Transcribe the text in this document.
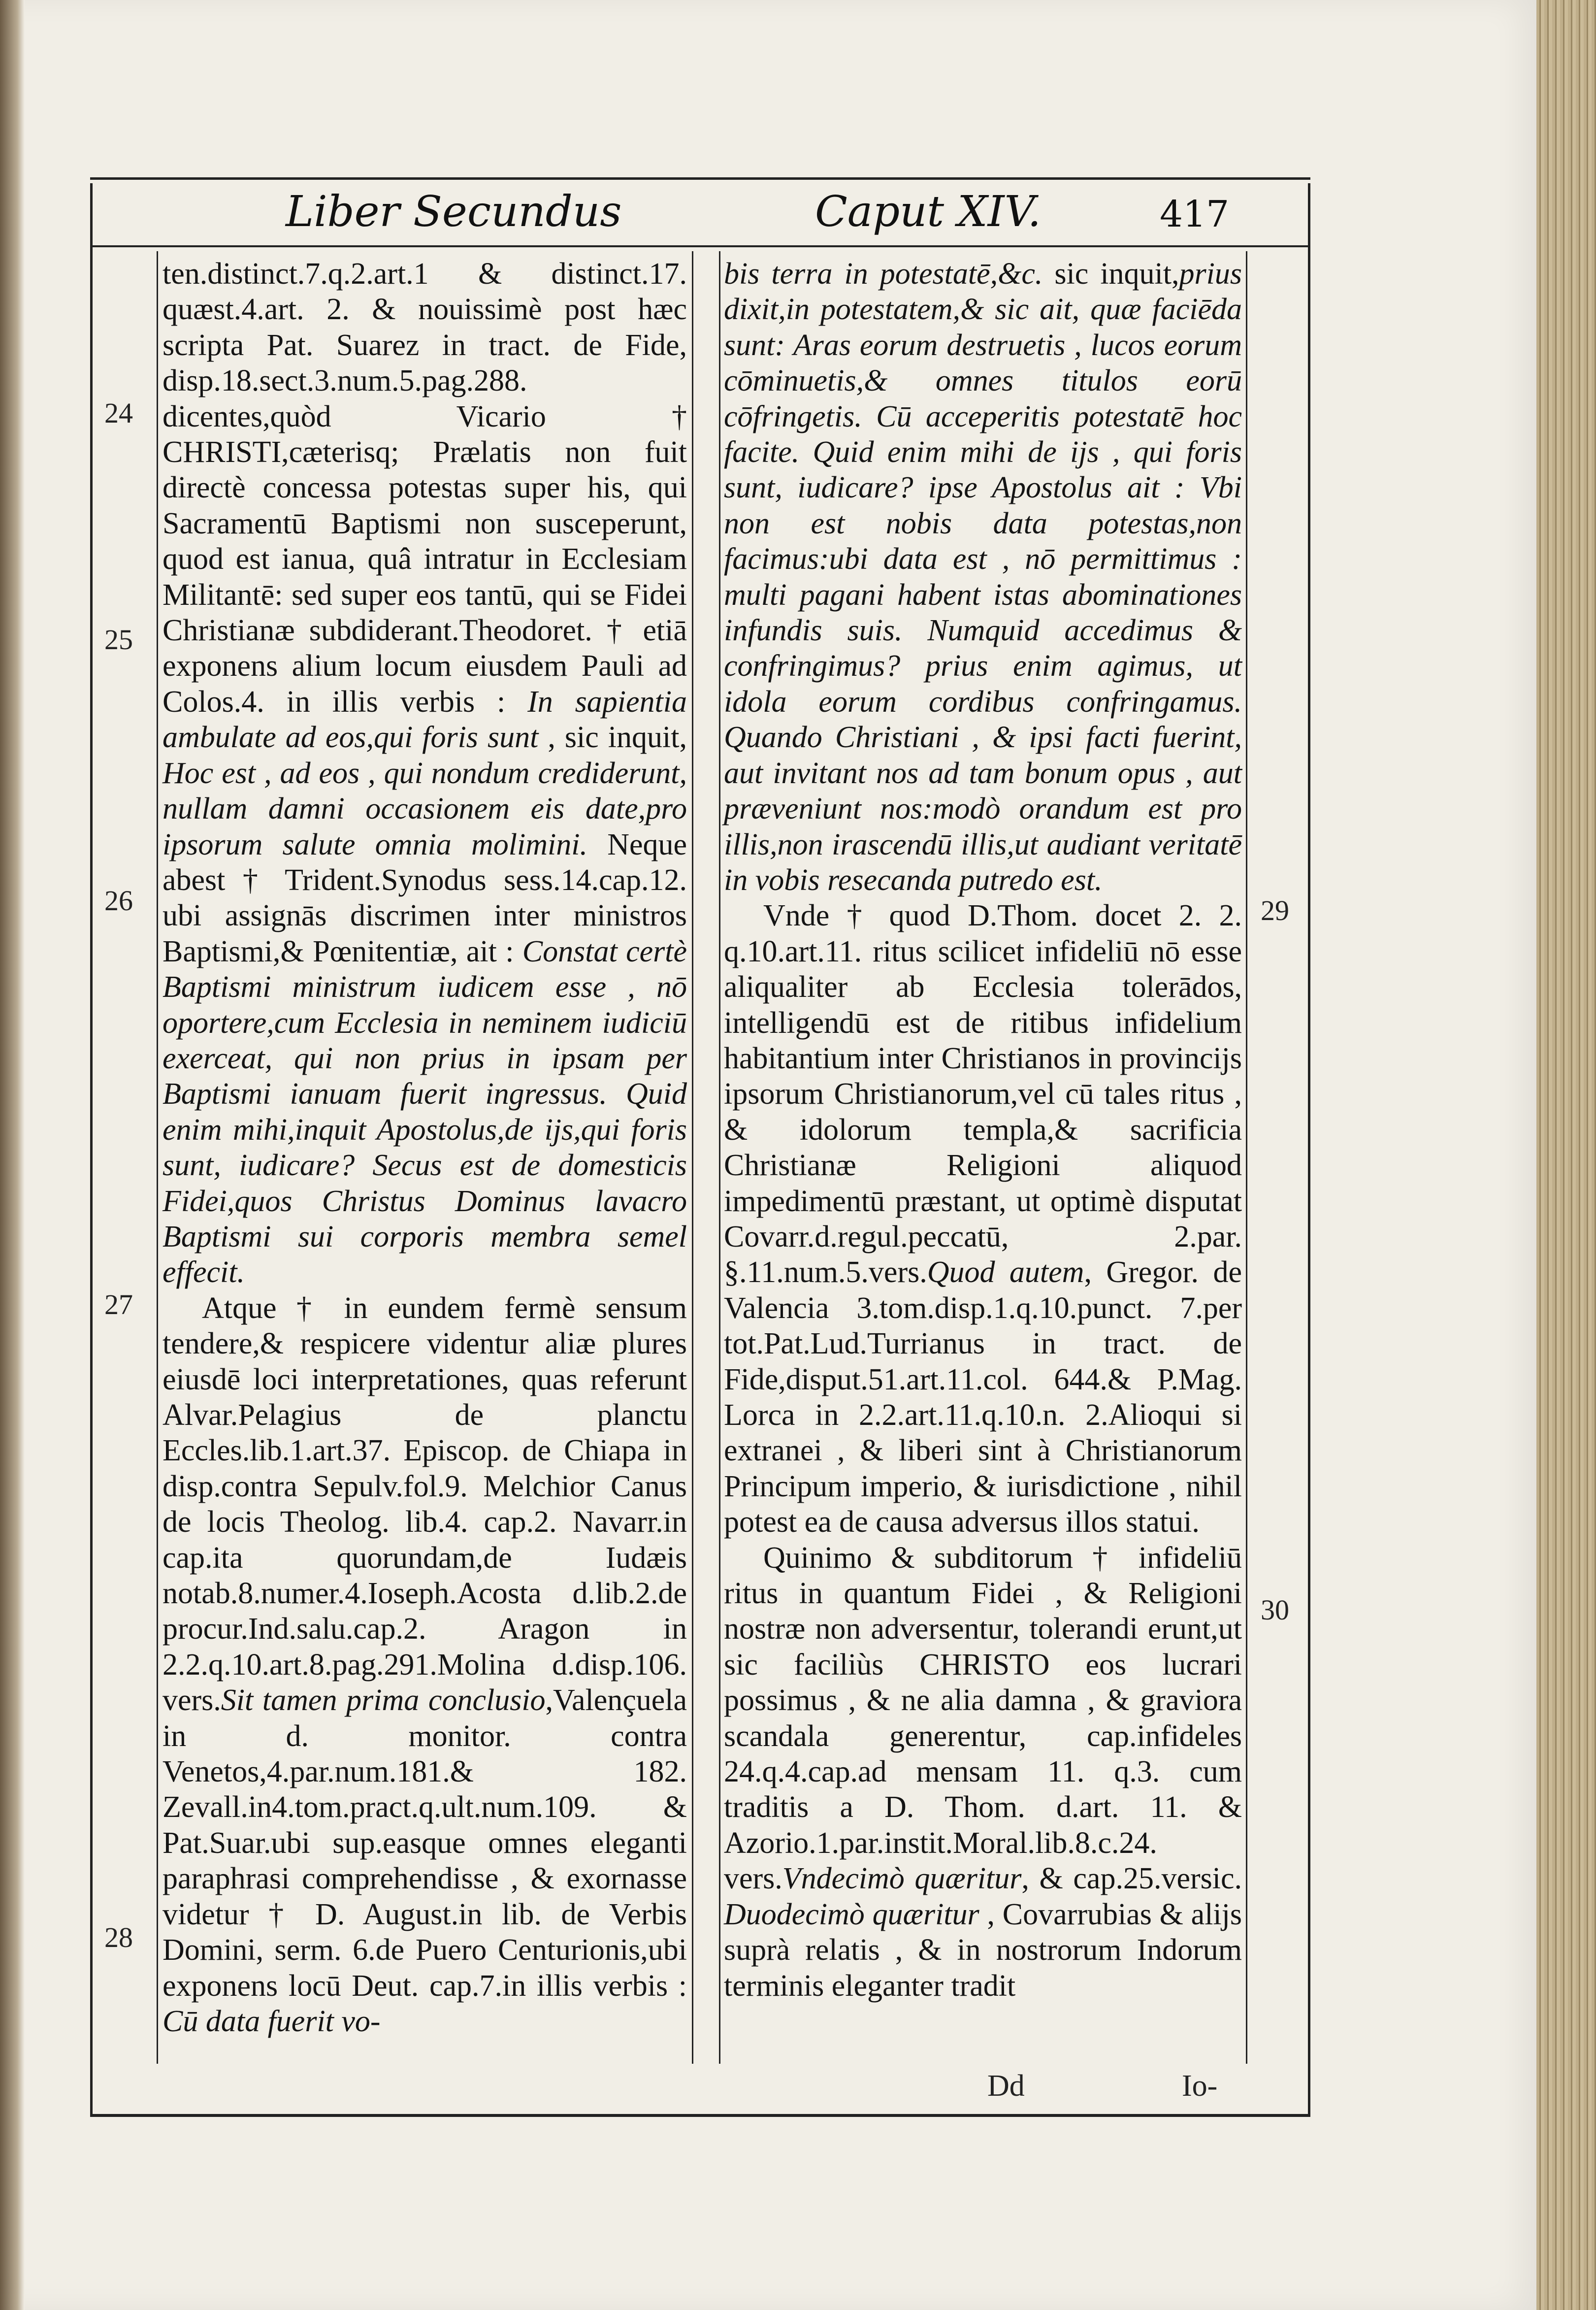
Liber Secundus	Caput XIV.	417

ten.distinct.7.q.2.art.1 & distinct.17. quæst.4.art. 2. & nouissimè post hæc scripta Pat. Suarez in tract. de Fide, disp.18.sect.3.num.5.pag.288. dicentes,quòd Vicario † CHRISTI,cæterisq; Prælatis non fuit directè concessa potestas super his, qui Sacramentū Baptismi non susceperunt, quod est ianua, quâ intratur in Ecclesiam Militantē: sed super eos tantū, qui se Fidei Christianæ subdiderant.Theodoret. † etiā exponens alium locum eiusdem Pauli ad Colos.4. in illis verbis : In sapientia ambulate ad eos,qui foris sunt , sic inquit, Hoc est , ad eos , qui nondum crediderunt, nullam damni occasionem eis date,pro ipsorum salute omnia molimini. Neque abest † Trident.Synodus sess.14.cap.12. ubi assignās discrimen inter ministros Baptismi,& Pœnitentiæ, ait : Constat certè Baptismi ministrum iudicem esse , nō oportere,cum Ecclesia in neminem iudiciū exerceat, qui non prius in ipsam per Baptismi ianuam fuerit ingressus. Quid enim mihi,inquit Apostolus,de ijs,qui foris sunt, iudicare? Secus est de domesticis Fidei,quos Christus Dominus lavacro Baptismi sui corporis membra semel effecit.

Atque † in eundem fermè sensum tendere,& respicere videntur aliæ plures eiusdē loci interpretationes, quas referunt Alvar.Pelagius de planctu Eccles.lib.1.art.37. Episcop. de Chiapa in disp.contra Sepulv.fol.9. Melchior Canus de locis Theolog. lib.4. cap.2. Navarr.in cap.ita quorundam,de Iudæis notab.8.numer.4.Ioseph.Acosta d.lib.2.de procur.Ind.salu.cap.2. Aragon in 2.2.q.10.art.8.pag.291.Molina d.disp.106. vers.Sit tamen prima conclusio,Valençuela in d. monitor. contra Venetos,4.par.num.181.& 182. Zevall.in4.tom.pract.q.ult.num.109. & Pat.Suar.ubi sup.easque omnes eleganti paraphrasi comprehendisse , & exornasse videtur † D. August.in lib. de Verbis Domini, serm. 6.de Puero Centurionis,ubi exponens locū Deut. cap.7.in illis verbis : Cū data fuerit vo-

bis terra in potestatē,&c. sic inquit,prius dixit,in potestatem,& sic ait, quæ faciēda sunt: Aras eorum destruetis , lucos eorum cōminuetis,& omnes titulos eorū cōfringetis. Cū acceperitis potestatē hoc facite. Quid enim mihi de ijs , qui foris sunt, iudicare? ipse Apostolus ait : Vbi non est nobis data potestas,non facimus:ubi data est , nō permittimus : multi pagani habent istas abominationes infundis suis. Numquid accedimus & confringimus? prius enim agimus, ut idola eorum cordibus confringamus. Quando Christiani , & ipsi facti fuerint, aut invitant nos ad tam bonum opus , aut præveniunt nos:modò orandum est pro illis,non irascendū illis,ut audiant veritatē in vobis resecanda putredo est.

Vnde † quod D.Thom. docet 2. 2. q.10.art.11. ritus scilicet infideliū nō esse aliqualiter ab Ecclesia tolerādos, intelligendū est de ritibus infidelium habitantium inter Christianos in provincijs ipsorum Christianorum,vel cū tales ritus , & idolorum templa,& sacrificia Christianæ Religioni aliquod impedimentū præstant, ut optimè disputat Covarr.d.regul.peccatū, 2.par. §.11.num.5.vers.Quod autem, Gregor. de Valencia 3.tom.disp.1.q.10.punct. 7.per tot.Pat.Lud.Turrianus in tract. de Fide,disput.51.art.11.col. 644.& P.Mag. Lorca in 2.2.art.11.q.10.n. 2.Alioqui si extranei , & liberi sint à Christianorum Principum imperio, & iurisdictione , nihil potest ea de causa adversus illos statui.

Quinimo & subditorum † infideliū ritus in quantum Fidei , & Religioni nostræ non adversentur, tolerandi erunt,ut sic faciliùs CHRISTO eos lucrari possimus , & ne alia damna , & graviora scandala generentur, cap.infideles 24.q.4.cap.ad mensam 11. q.3. cum traditis a D. Thom. d.art. 11. & Azorio.1.par.instit.Moral.lib.8.c.24. vers.Vndecimò quæritur, & cap.25.versic. Duodecimò quæritur , Covarrubias & alijs suprà relatis , & in nostrorum Indorum terminis eleganter tradit

24
25
26
27
28
29
30
Dd	Io-
